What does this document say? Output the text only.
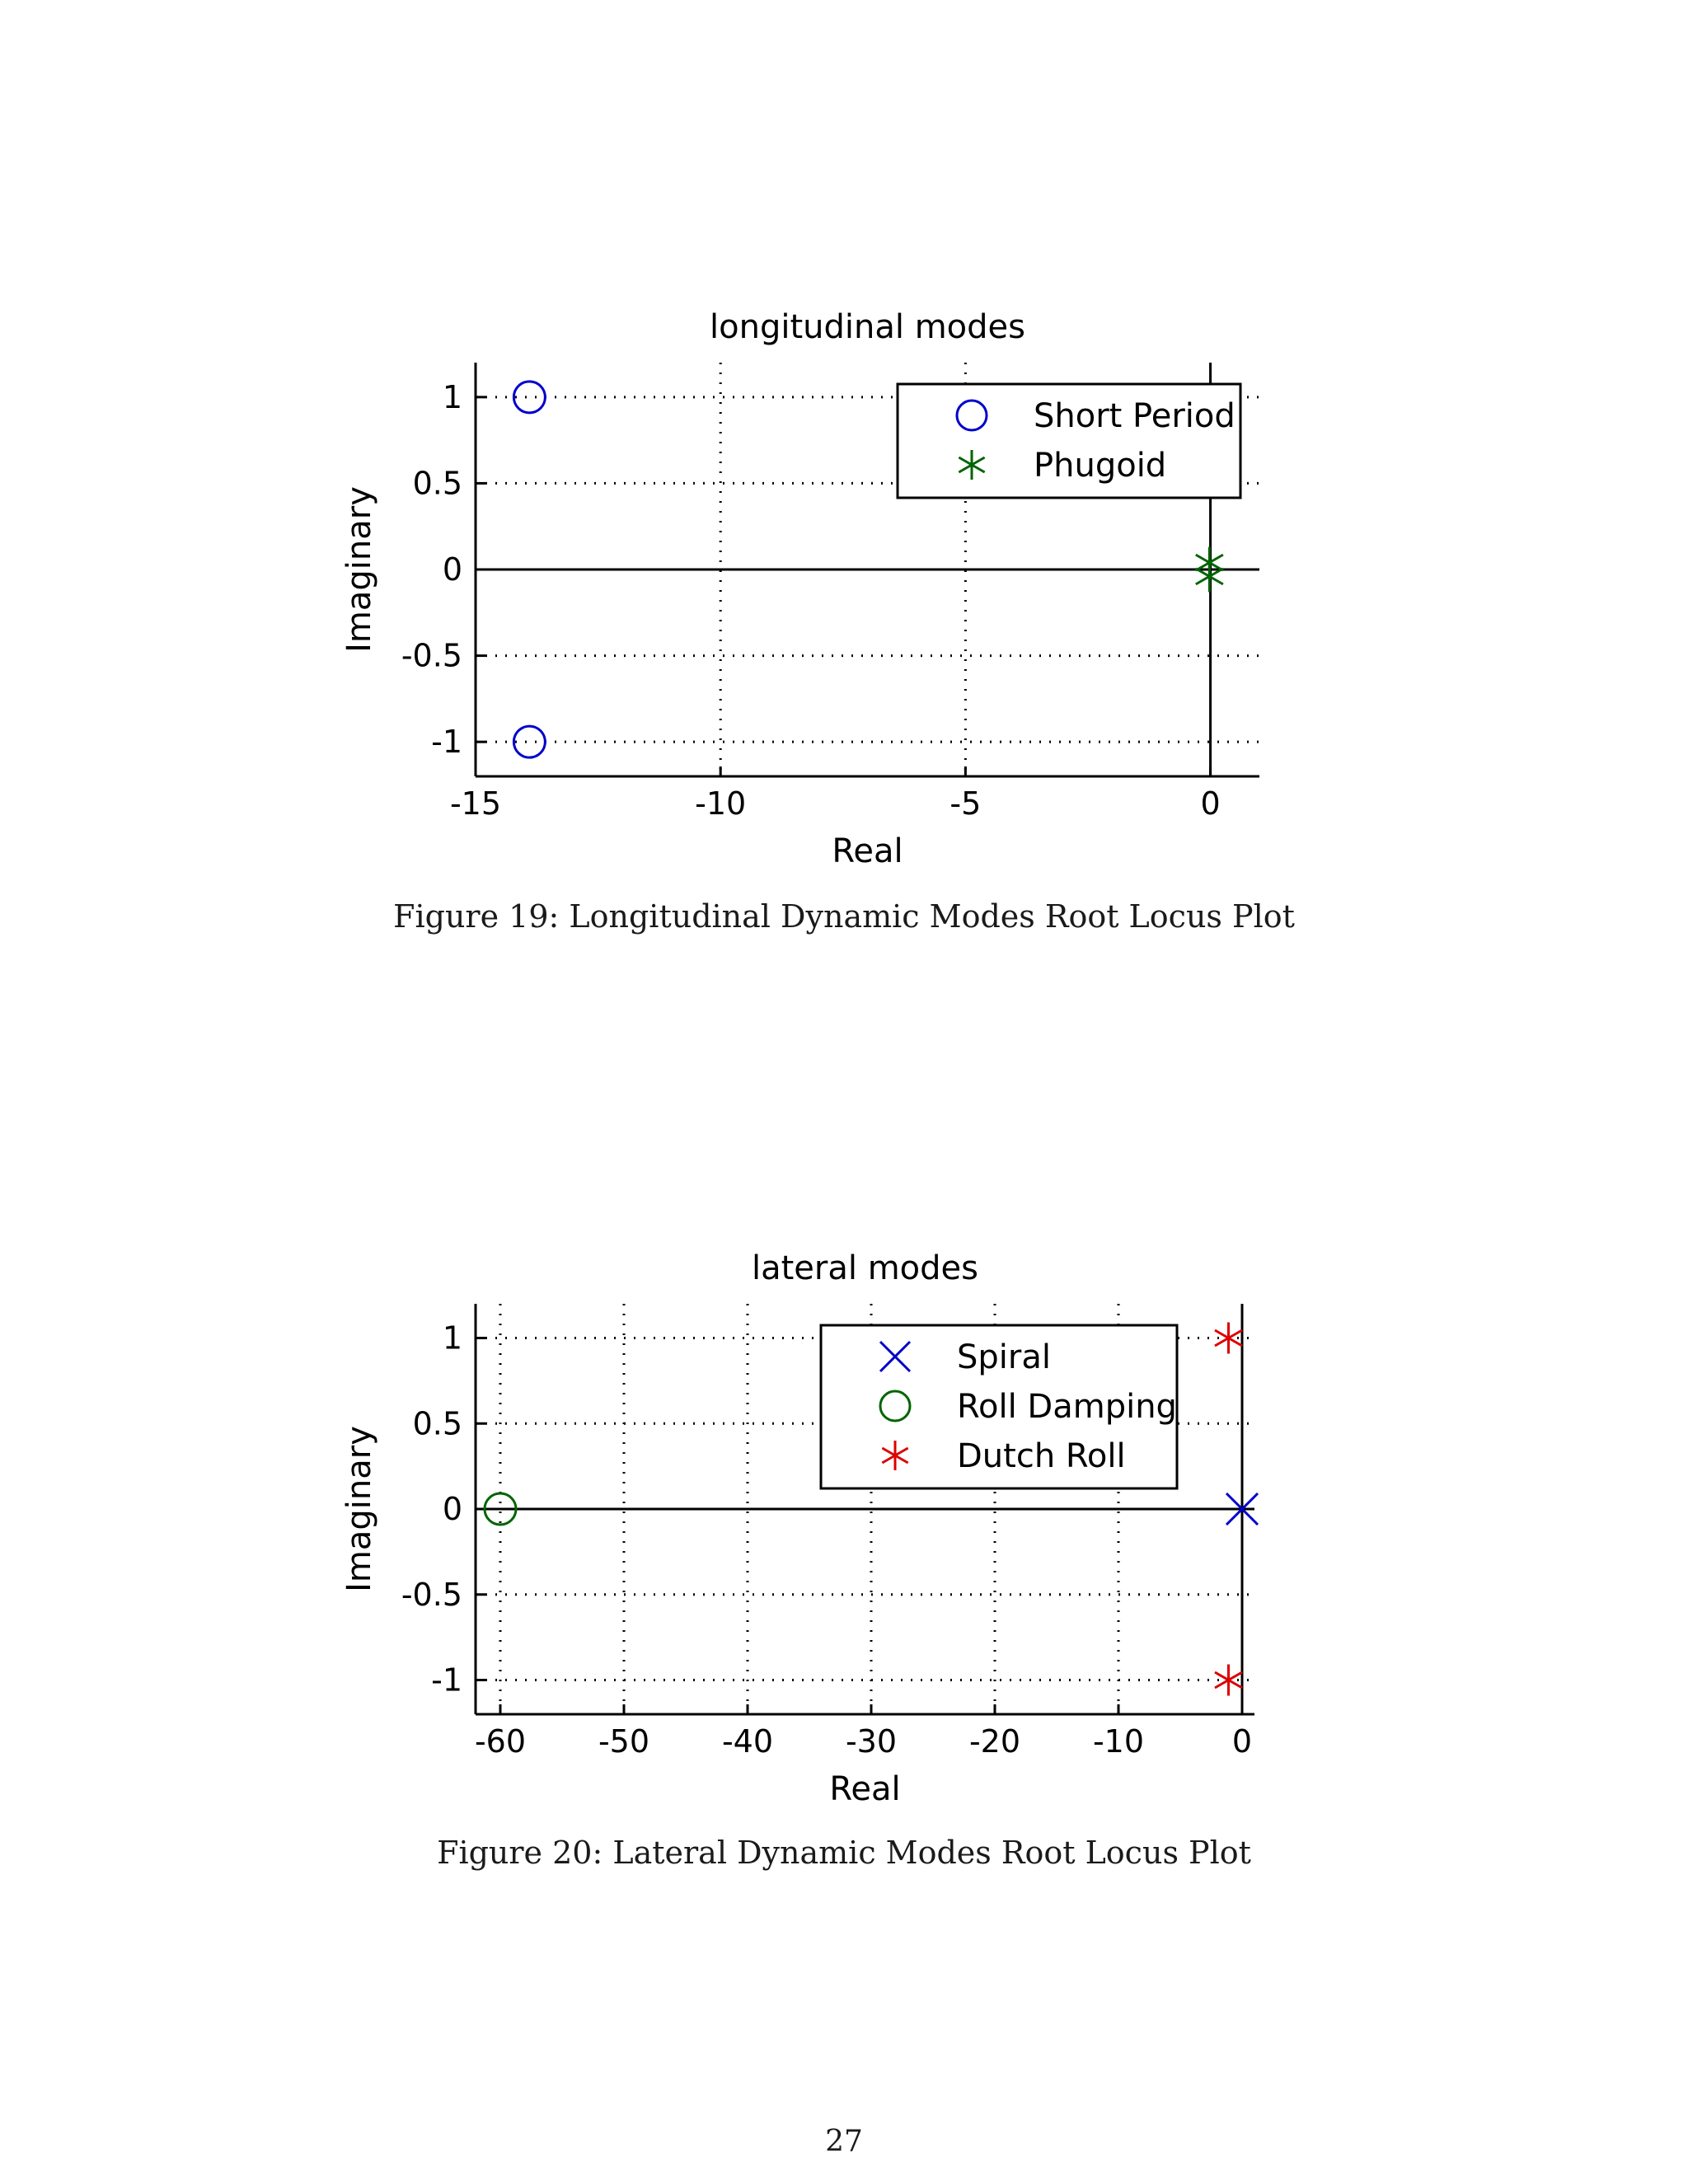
-15	-10	-5	0
1
0.5
0
-0.5
-1
longitudinal modes
Real
Imaginary
Short Period
Phugoid
Figure 19: Longitudinal Dynamic Modes Root Locus Plot
-60 -50 -40 -30 -20 -10	0
1
0.5
0
-0.5
-1
lateral modes
Real
Imaginary
Spiral
Roll Damping
Dutch Roll
Figure 20: Lateral Dynamic Modes Root Locus Plot
27
